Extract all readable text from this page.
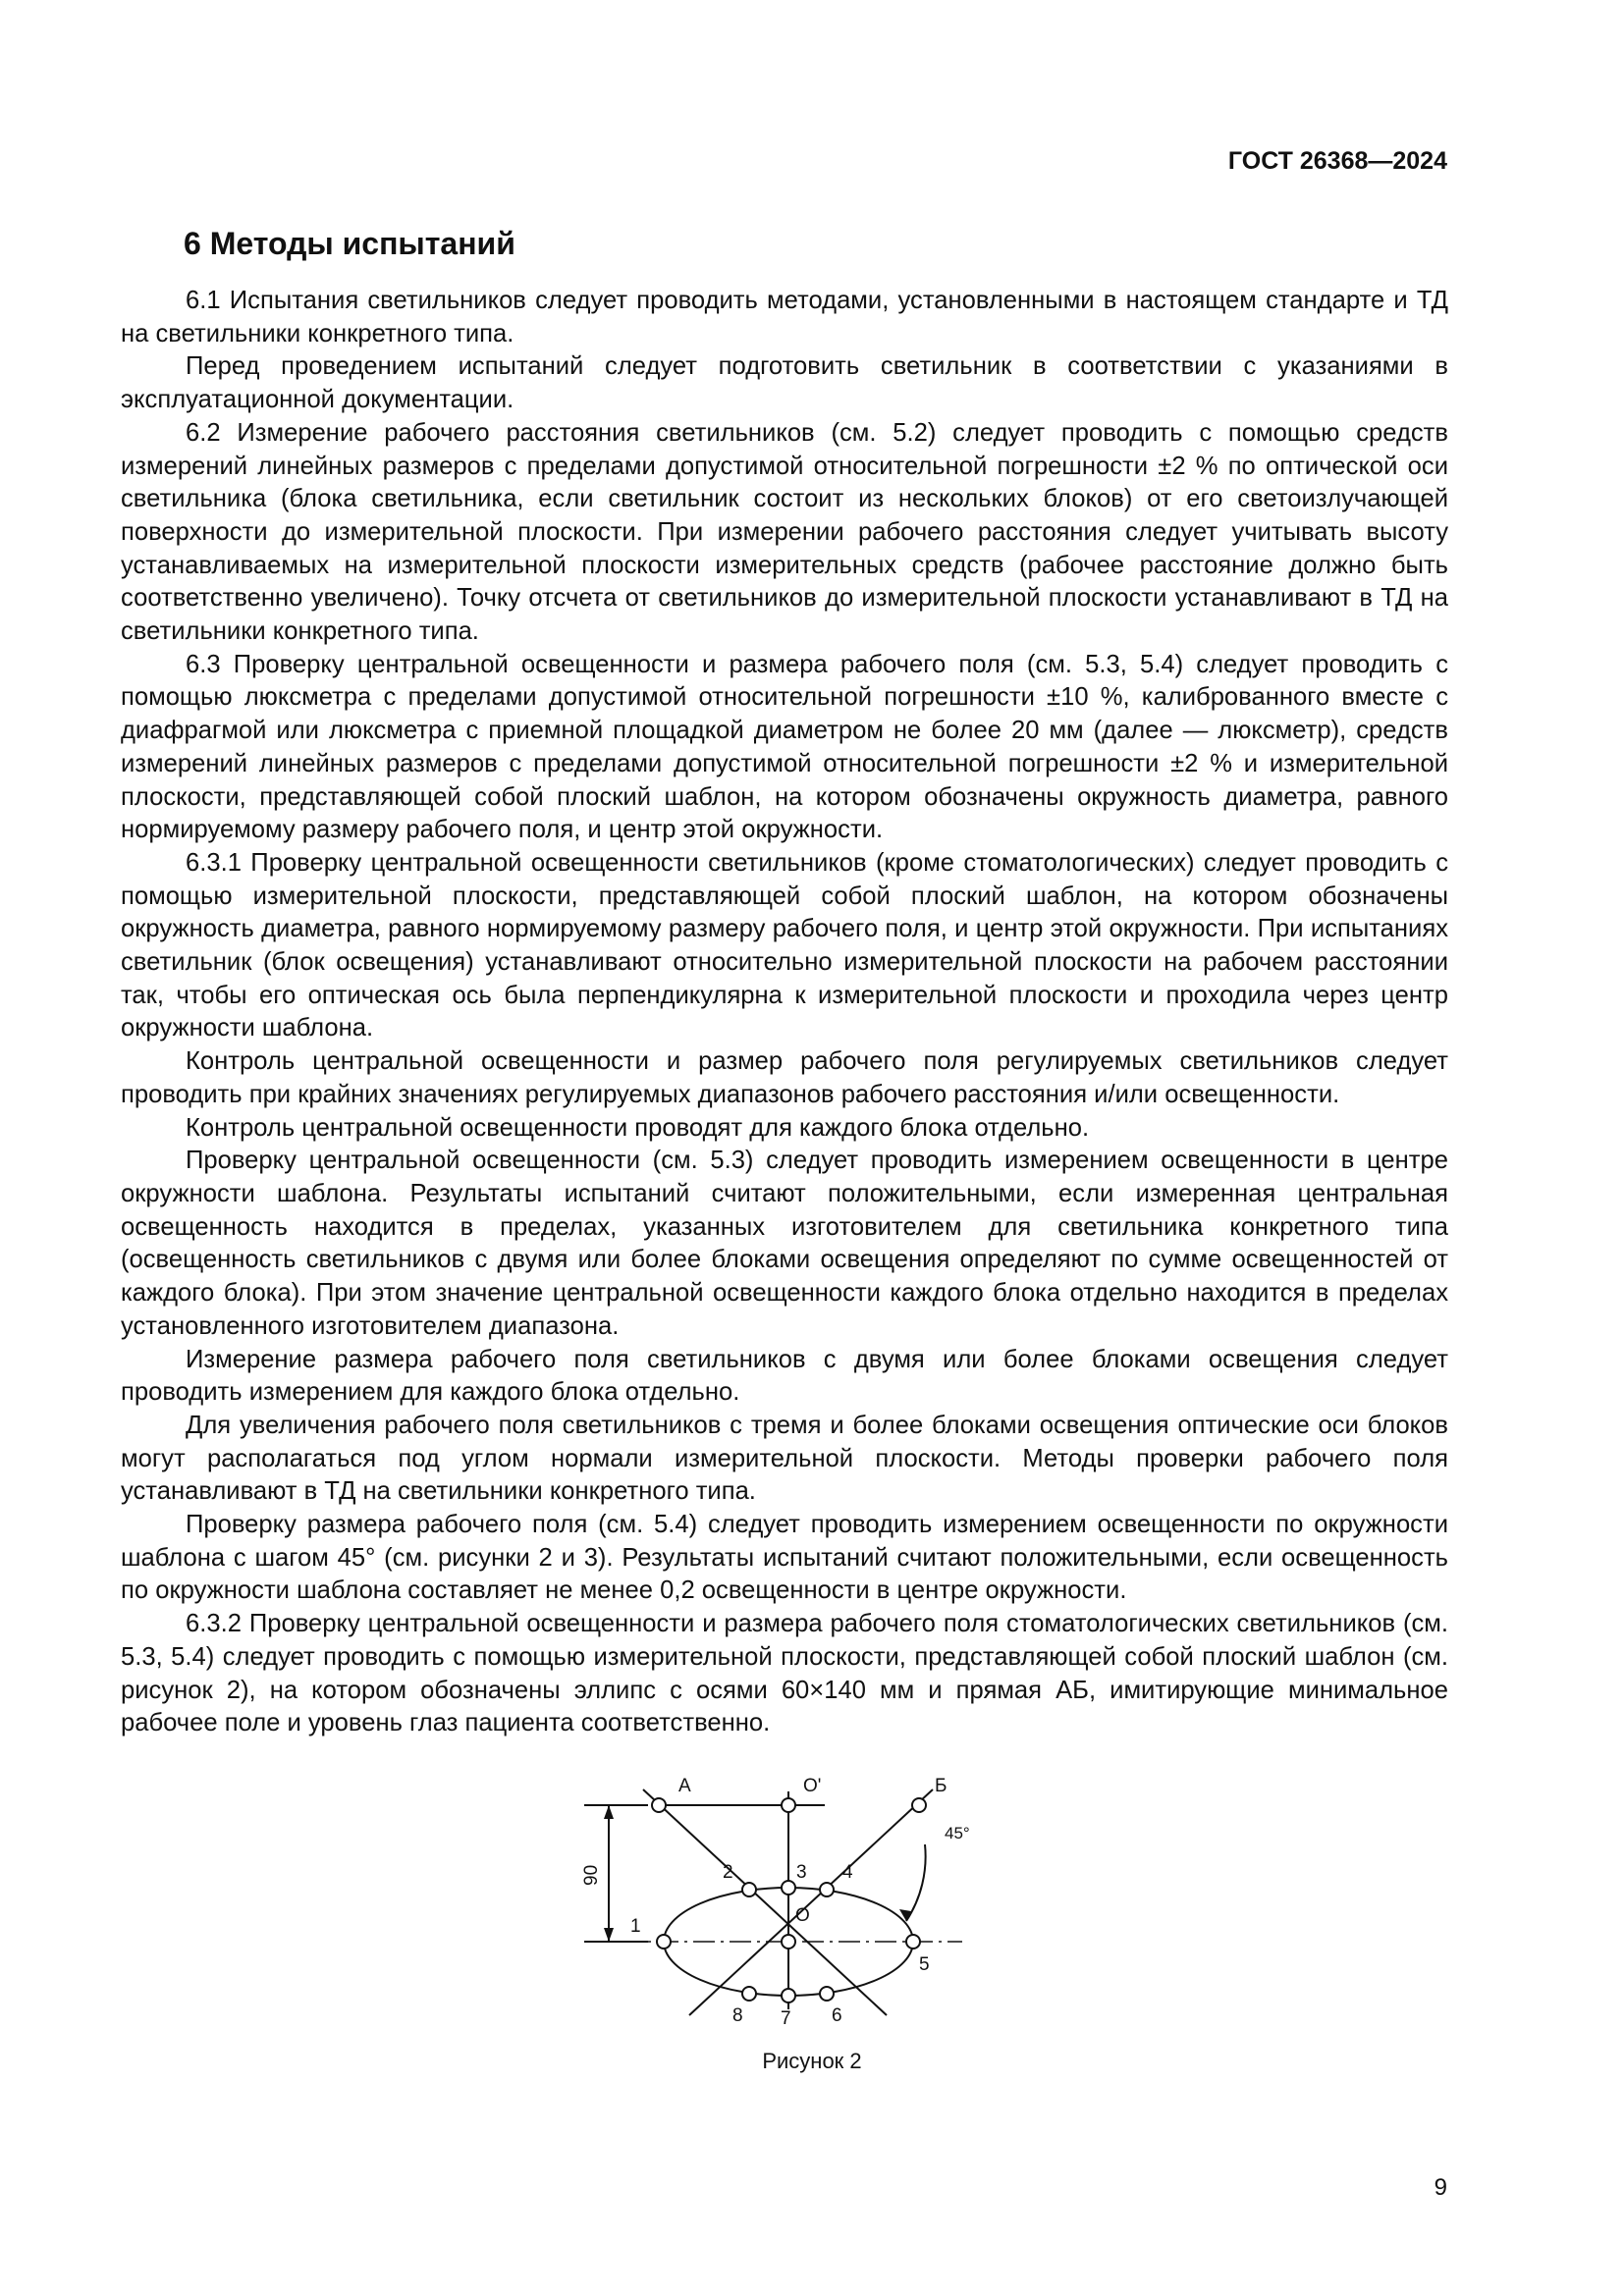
ГОСТ 26368—2024
6 Методы испытаний

6.1 Испытания светильников следует проводить методами, установленными в настоящем стандарте и ТД на светильники конкретного типа.

Перед проведением испытаний следует подготовить светильник в соответствии с указаниями в эксплуатационной документации.

6.2 Измерение рабочего расстояния светильников (см. 5.2) следует проводить с помощью средств измерений линейных размеров с пределами допустимой относительной погрешности ±2 % по оптической оси светильника (блока светильника, если светильник состоит из нескольких блоков) от его светоизлучающей поверхности до измерительной плоскости. При измерении рабочего расстояния следует учитывать высоту устанавливаемых на измерительной плоскости измерительных средств (рабочее расстояние должно быть соответственно увеличено). Точку отсчета от светильников до измерительной плоскости устанавливают в ТД на светильники конкретного типа.

6.3 Проверку центральной освещенности и размера рабочего поля (см. 5.3, 5.4) следует проводить с помощью люксметра с пределами допустимой относительной погрешности ±10 %, калиброванного вместе с диафрагмой или люксметра с приемной площадкой диаметром не более 20 мм (далее — люксметр), средств измерений линейных размеров с пределами допустимой относительной погрешности ±2 % и измерительной плоскости, представляющей собой плоский шаблон, на котором обозначены окружность диаметра, равного нормируемому размеру рабочего поля, и центр этой окружности.

6.3.1 Проверку центральной освещенности светильников (кроме стоматологических) следует проводить с помощью измерительной плоскости, представляющей собой плоский шаблон, на котором обозначены окружность диаметра, равного нормируемому размеру рабочего поля, и центр этой окружности. При испытаниях светильник (блок освещения) устанавливают относительно измерительной плоскости на рабочем расстоянии так, чтобы его оптическая ось была перпендикулярна к измерительной плоскости и проходила через центр окружности шаблона.

Контроль центральной освещенности и размер рабочего поля регулируемых светильников следует проводить при крайних значениях регулируемых диапазонов рабочего расстояния и/или освещенности.

Контроль центральной освещенности проводят для каждого блока отдельно.

Проверку центральной освещенности (см. 5.3) следует проводить измерением освещенности в центре окружности шаблона. Результаты испытаний считают положительными, если измеренная центральная освещенность находится в пределах, указанных изготовителем для светильника конкретного типа (освещенность светильников с двумя или более блоками освещения определяют по сумме освещенностей от каждого блока). При этом значение центральной освещенности каждого блока отдельно находится в пределах установленного изготовителем диапазона.

Измерение размера рабочего поля светильников с двумя или более блоками освещения следует проводить измерением для каждого блока отдельно.

Для увеличения рабочего поля светильников с тремя и более блоками освещения оптические оси блоков могут располагаться под углом нормали измерительной плоскости. Методы проверки рабочего поля устанавливают в ТД на светильники конкретного типа.

Проверку размера рабочего поля (см. 5.4) следует проводить измерением освещенности по окружности шаблона с шагом 45° (см. рисунки 2 и 3). Результаты испытаний считают положительными, если освещенность по окружности шаблона составляет не менее 0,2 освещенности в центре окружности.

6.3.2 Проверку центральной освещенности и размера рабочего поля стоматологических светильников (см. 5.3, 5.4) следует проводить с помощью измерительной плоскости, представляющей собой плоский шаблон (см. рисунок 2), на котором обозначены эллипс с осями 60×140 мм и прямая АБ, имитирующие минимальное рабочее поле и уровень глаз пациента соответственно.

А	О'	Б
45°
90
О
1
2	3 4
5
6
7
8
Рисунок 2
9
